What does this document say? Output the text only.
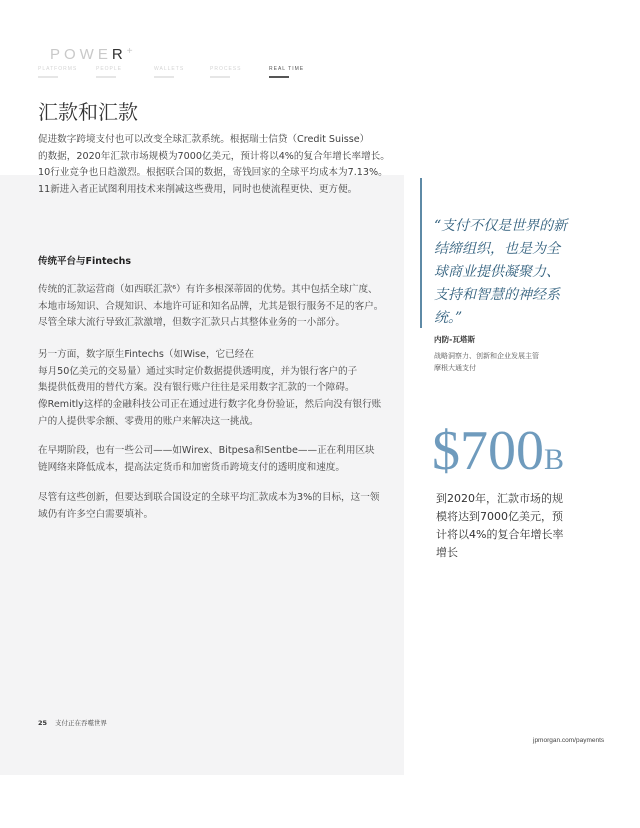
POWER+
PLATFORMS	PEOPLE	WALLETS	PROCESS	REAL TIME
汇款和汇款

促进数字跨境支付也可以改变全球汇款系统。根据瑞士信贷（Credit Suisse）
的数据，2020年汇款市场规模为7000亿美元，预计将以4%的复合年增长率增长。
10行业竞争也日趋激烈。根据联合国的数据，寄钱回家的全球平均成本为7.13%。
11新进入者正试图利用技术来削减这些费用，同时也使流程更快、更方便。

传统平台与Fintechs

传统的汇款运营商（如西联汇款⁶）有许多根深蒂固的优势。其中包括全球广度、
本地市场知识、合规知识、本地许可证和知名品牌，尤其是银行服务不足的客户。
尽管全球大流行导致汇款激增，但数字汇款只占其整体业务的一小部分。

另一方面，数字原生Fintechs（如Wise，它已经在
每月50亿美元的交易量）通过实时定价数据提供透明度，并为银行客户的子
集提供低费用的替代方案。没有银行账户往往是采用数字汇款的一个障碍。
像Remitly这样的金融科技公司正在通过进行数字化身份验证，然后向没有银行账
户的人提供零余额、零费用的账户来解决这一挑战。

在早期阶段，也有一些公司——如Wirex、Bitpesa和Sentbe——正在利用区块
链网络来降低成本，提高法定货币和加密货币跨境支付的透明度和速度。

尽管有这些创新，但要达到联合国设定的全球平均汇款成本为3%的目标，这一领
域仍有许多空白需要填补。

“支付不仅是世界的新
结缔组织，也是为全
球商业提供凝聚力、
支持和智慧的神经系
统。”

内防-瓦塔斯
战略洞察力、创新和企业发展主管
摩根大通支付
$700B

到2020年，汇款市场的规
模将达到7000亿美元，预
计将以4%的复合年增长率
增长

25 支付正在吞噬世界
jpmorgan.com/payments
